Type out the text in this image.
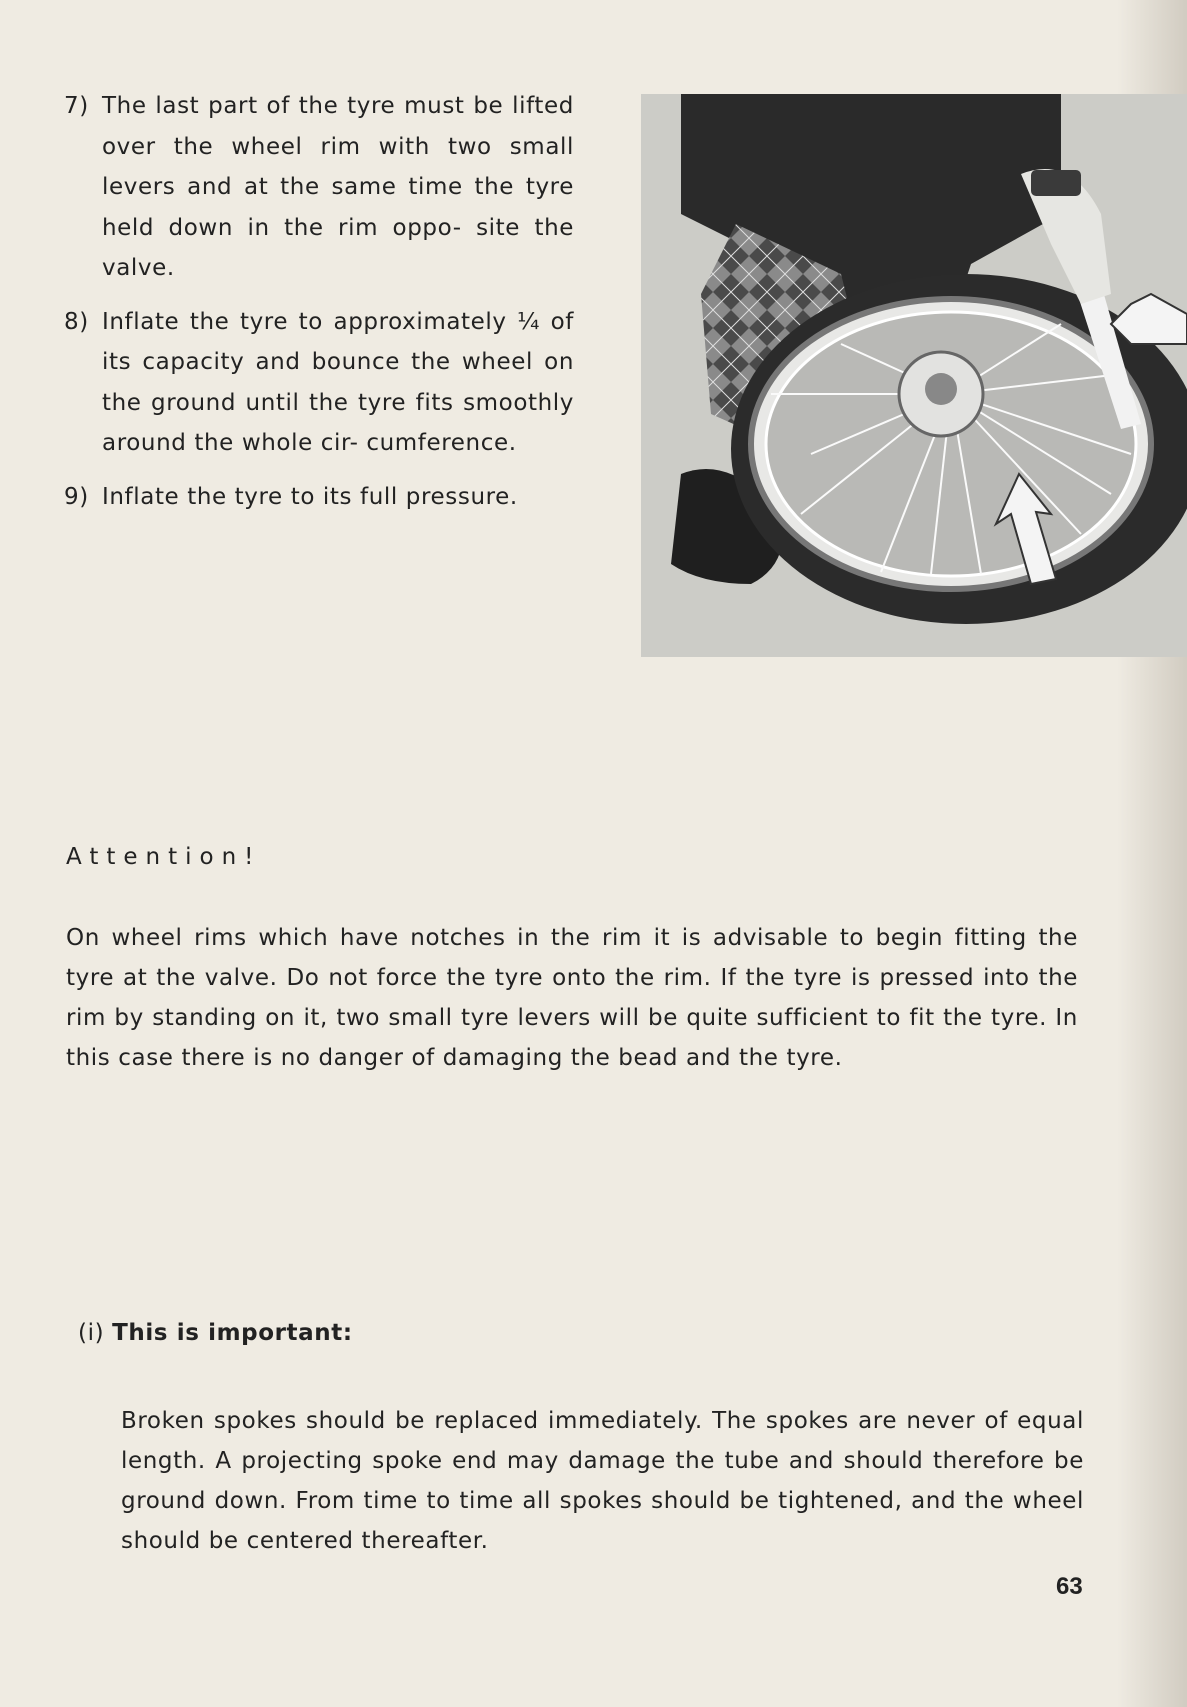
7) The last part of the tyre must be lifted over the wheel rim with two small levers and at the same time the tyre held down in the rim oppo- site the valve.
8) Inflate the tyre to approximately ¼ of its capacity and bounce the wheel on the ground until the tyre fits smoothly around the whole cir- cumference.
9) Inflate the tyre to its full pressure.
Attention!
On wheel rims which have notches in the rim it is advisable to begin fitting the tyre at the valve. Do not force the tyre onto the rim. If the tyre is pressed into the rim by standing on it, two small tyre levers will be quite sufficient to fit the tyre. In this case there is no danger of damaging the bead and the tyre.
(i) This is important:
Broken spokes should be replaced immediately. The spokes are never of equal length. A projecting spoke end may damage the tube and should therefore be ground down. From time to time all spokes should be tightened, and the wheel should be centered thereafter.
63
